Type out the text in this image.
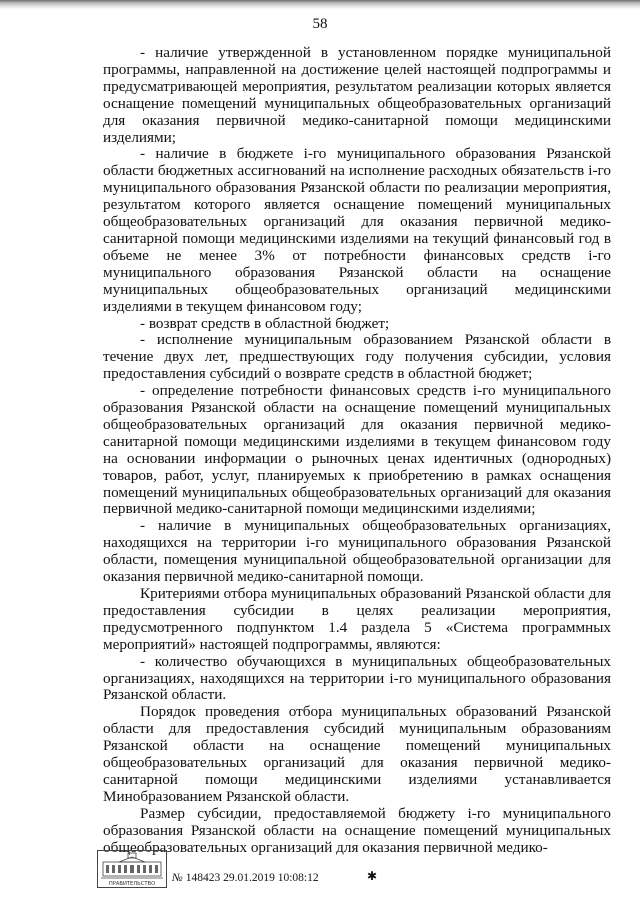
58

- наличие утвержденной в установленном порядке муниципальной программы, направленной на достижение целей настоящей подпрограммы и предусматривающей мероприятия, результатом реализации которых является оснащение помещений муниципальных общеобразовательных организаций для оказания первичной медико-санитарной помощи медицинскими изделиями;

- наличие в бюджете i-го муниципального образования Рязанской области бюджетных ассигнований на исполнение расходных обязательств i-го муниципального образования Рязанской области по реализации мероприятия, результатом которого является оснащение помещений муниципальных общеобразовательных организаций для оказания первичной медико-санитарной помощи медицинскими изделиями на текущий финансовый год в объеме не менее 3% от потребности финансовых средств i-го муниципального образования Рязанской области на оснащение муниципальных общеобразовательных организаций медицинскими изделиями в текущем финансовом году;

- возврат средств в областной бюджет;

- исполнение муниципальным образованием Рязанской области в течение двух лет, предшествующих году получения субсидии, условия предоставления субсидий о возврате средств в областной бюджет;

- определение потребности финансовых средств i-го муниципального образования Рязанской области на оснащение помещений муниципальных общеобразовательных организаций для оказания первичной медико-санитарной помощи медицинскими изделиями в текущем финансовом году на основании информации о рыночных ценах идентичных (однородных) товаров, работ, услуг, планируемых к приобретению в рамках оснащения помещений муниципальных общеобразовательных организаций для оказания первичной медико-санитарной помощи медицинскими изделиями;

- наличие в муниципальных общеобразовательных организациях, находящихся на территории i-го муниципального образования Рязанской области, помещения муниципальной общеобразовательной организации для оказания первичной медико-санитарной помощи.

Критериями отбора муниципальных образований Рязанской области для предоставления субсидии в целях реализации мероприятия, предусмотренного подпунктом 1.4 раздела 5 «Система программных мероприятий» настоящей подпрограммы, являются:

- количество обучающихся в муниципальных общеобразовательных организациях, находящихся на территории i-го муниципального образования Рязанской области.

Порядок проведения отбора муниципальных образований Рязанской области для предоставления субсидий муниципальным образованиям Рязанской области на оснащение помещений муниципальных общеобразовательных организаций для оказания первичной медико-санитарной помощи медицинскими изделиями устанавливается Минобразованием Рязанской области.

Размер субсидии, предоставляемой бюджету i-го муниципального образования Рязанской области на оснащение помещений муниципальных общеобразовательных организаций для оказания первичной медико-

ПРАВИТЕЛЬСТВО № 148423 29.01.2019 10:08:12	✱
